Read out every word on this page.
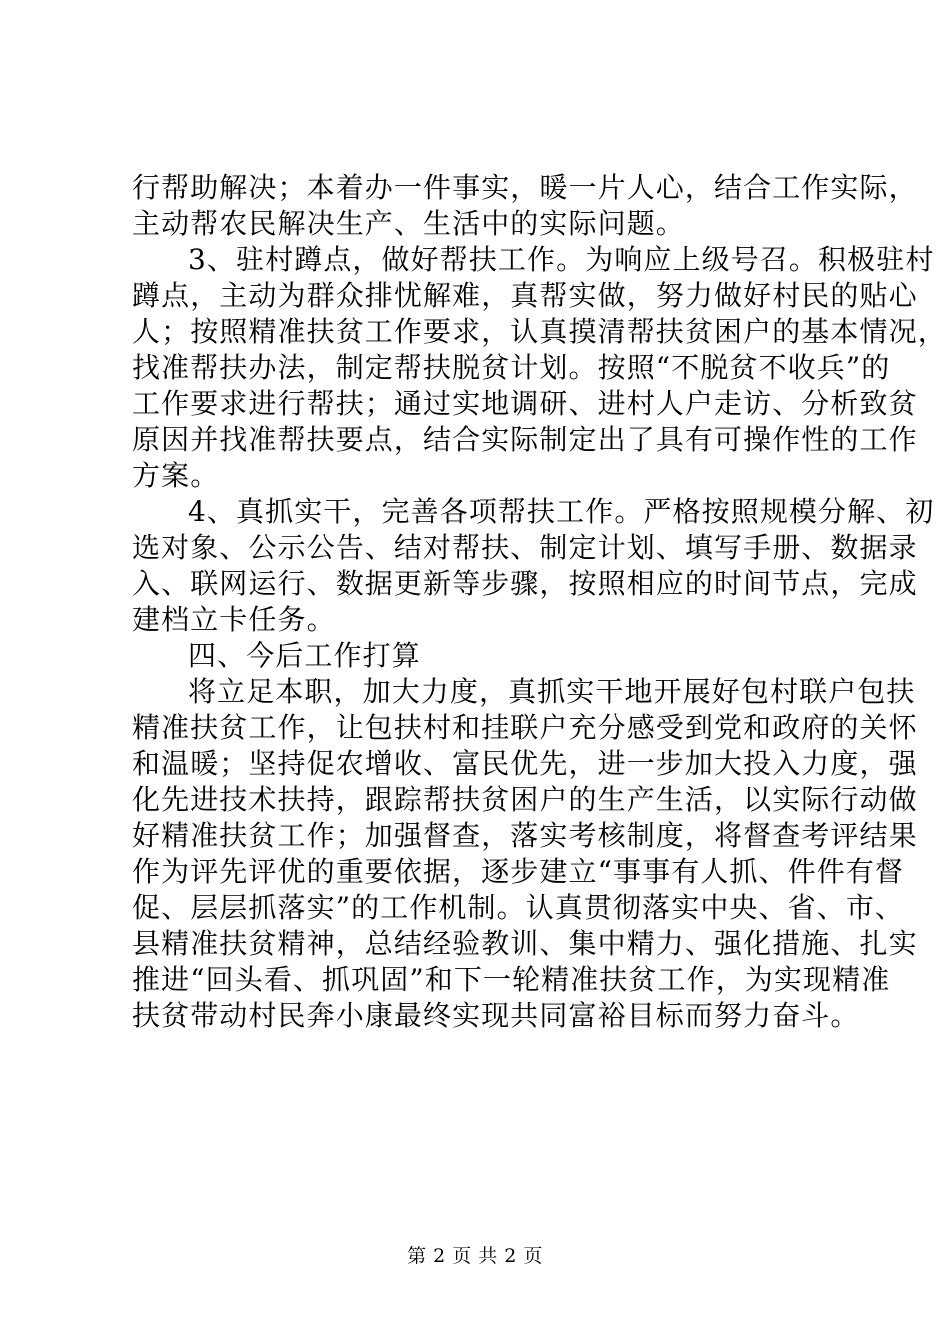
行帮助解决；本着办一件事实，暖一片人心，结合工作实际，
主动帮农民解决生产、生活中的实际问题。
3、驻村蹲点，做好帮扶工作。为响应上级号召。积极驻村
蹲点，主动为群众排忧解难，真帮实做，努力做好村民的贴心
人；按照精准扶贫工作要求，认真摸清帮扶贫困户的基本情况，
找准帮扶办法，制定帮扶脱贫计划。按照“不脱贫不收兵”的
工作要求进行帮扶；通过实地调研、进村人户走访、分析致贫
原因并找准帮扶要点，结合实际制定出了具有可操作性的工作
方案。
4、真抓实干，完善各项帮扶工作。严格按照规模分解、初
选对象、公示公告、结对帮扶、制定计划、填写手册、数据录
入、联网运行、数据更新等步骤，按照相应的时间节点，完成
建档立卡任务。
四、今后工作打算
将立足本职，加大力度，真抓实干地开展好包村联户包扶
精准扶贫工作，让包扶村和挂联户充分感受到党和政府的关怀
和温暖；坚持促农增收、富民优先，进一步加大投入力度，强
化先进技术扶持，跟踪帮扶贫困户的生产生活，以实际行动做
好精准扶贫工作；加强督查，落实考核制度，将督查考评结果
作为评先评优的重要依据，逐步建立“事事有人抓、件件有督
促、层层抓落实”的工作机制。认真贯彻落实中央、省、市、
县精准扶贫精神，总结经验教训、集中精力、强化措施、扎实
推进“回头看、抓巩固”和下一轮精准扶贫工作，为实现精准
扶贫带动村民奔小康最终实现共同富裕目标而努力奋斗。
第 2 页 共 2 页
